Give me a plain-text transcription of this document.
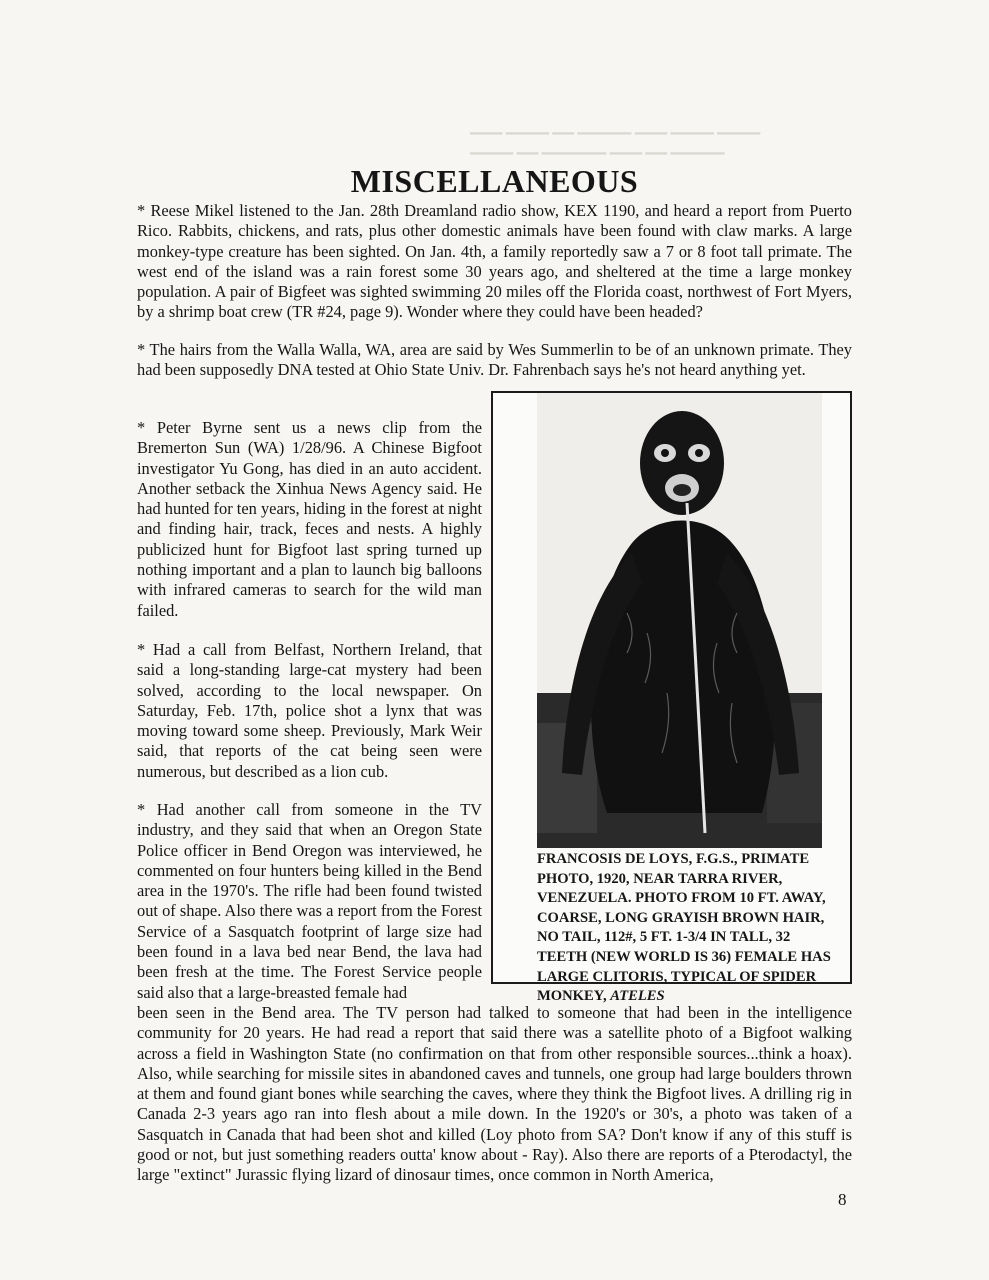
▁▁▁ ▁▁▁▁ ▁▁ ▁▁▁▁▁ ▁▁▁ ▁▁▁▁ ▁▁▁▁
▁▁▁▁ ▁▁ ▁▁▁▁▁▁ ▁▁▁ ▁▁ ▁▁▁▁▁
MISCELLANEOUS

* Reese Mikel listened to the Jan. 28th Dreamland radio show, KEX 1190, and heard a report from Puerto Rico. Rabbits, chickens, and rats, plus other domestic animals have been found with claw marks. A large monkey-type creature has been sighted. On Jan. 4th, a family reportedly saw a 7 or 8 foot tall primate. The west end of the island was a rain forest some 30 years ago, and sheltered at the time a large monkey population. A pair of Bigfeet was sighted swimming 20 miles off the Florida coast, northwest of Fort Myers, by a shrimp boat crew (TR #24, page 9). Wonder where they could have been headed?

* The hairs from the Walla Walla, WA, area are said by Wes Summerlin to be of an unknown primate. They had been supposedly DNA tested at Ohio State Univ. Dr. Fahrenbach says he's not heard anything yet.

* Peter Byrne sent us a news clip from the Bremerton Sun (WA) 1/28/96. A Chinese Bigfoot investigator Yu Gong, has died in an auto accident. Another setback the Xinhua News Agency said. He had hunted for ten years, hiding in the forest at night and finding hair, track, feces and nests. A highly publicized hunt for Bigfoot last spring turned up nothing important and a plan to launch big balloons with infrared cameras to search for the wild man failed.

* Had a call from Belfast, Northern Ireland, that said a long-standing large-cat mystery had been solved, according to the local newspaper. On Saturday, Feb. 17th, police shot a lynx that was moving toward some sheep. Previously, Mark Weir said, that reports of the cat being seen were numerous, but described as a lion cub.

* Had another call from someone in the TV industry, and they said that when an Oregon State Police officer in Bend Oregon was interviewed, he commented on four hunters being killed in the Bend area in the 1970's. The rifle had been found twisted out of shape. Also there was a report from the Forest Service of a Sasquatch footprint of large size had been found in a lava bed near Bend, the lava had been fresh at the time. The Forest Service people said also that a large-breasted female had

been seen in the Bend area. The TV person had talked to someone that had been in the intelligence community for 20 years. He had read a report that said there was a satellite photo of a Bigfoot walking across a field in Washington State (no confirmation on that from other responsible sources...think a hoax). Also, while searching for missile sites in abandoned caves and tunnels, one group had large boulders thrown at them and found giant bones while searching the caves, where they think the Bigfoot lives. A drilling rig in Canada 2-3 years ago ran into flesh about a mile down. In the 1920's or 30's, a photo was taken of a Sasquatch in Canada that had been shot and killed (Loy photo from SA? Don't know if any of this stuff is good or not, but just something readers outta' know about - Ray). Also there are reports of a Pterodactyl, the large "extinct" Jurassic flying lizard of dinosaur times, once common in North America,

FRANCOSIS DE LOYS, F.G.S., PRIMATE PHOTO, 1920, NEAR TARRA RIVER, VENEZUELA. PHOTO FROM 10 FT. AWAY, COARSE, LONG GRAYISH BROWN HAIR, NO TAIL, 112#, 5 FT. 1-3/4 IN TALL, 32 TEETH (NEW WORLD IS 36) FEMALE HAS LARGE CLITORIS, TYPICAL OF SPIDER MONKEY, ATELES

8
